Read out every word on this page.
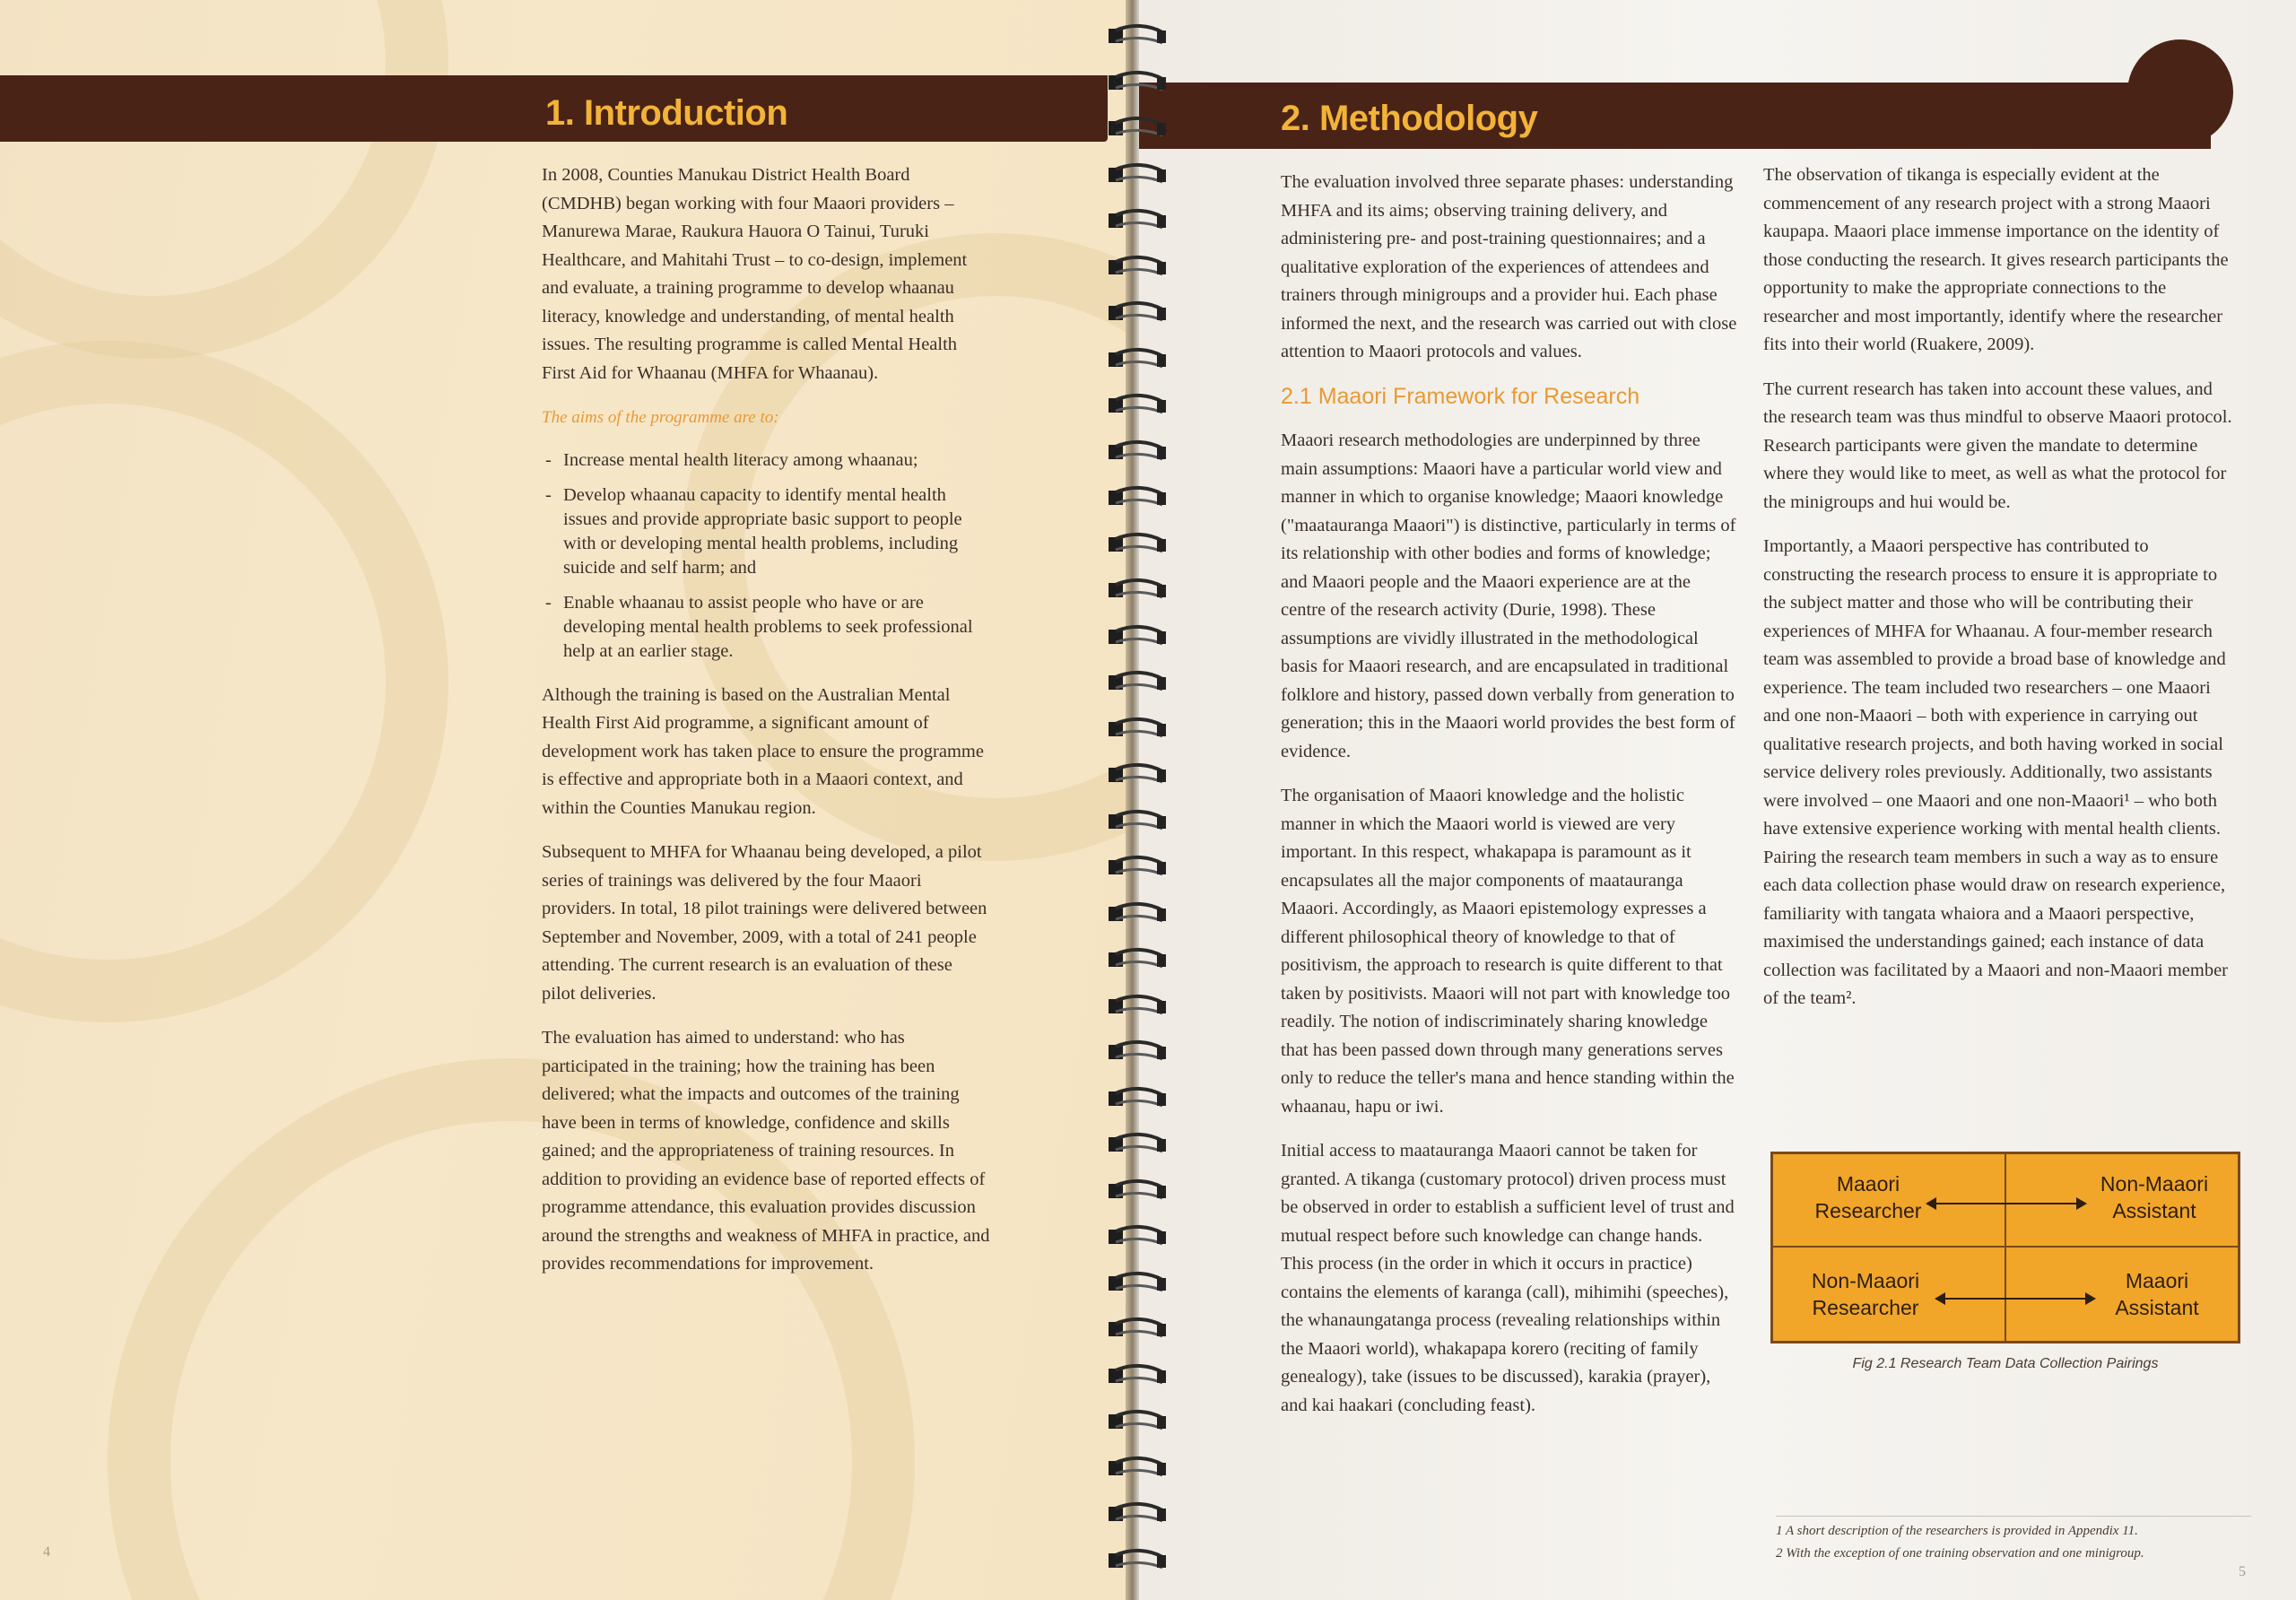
1. Introduction

In 2008, Counties Manukau District Health Board (CMDHB) began working with four Maaori providers – Manurewa Marae, Raukura Hauora O Tainui, Turuki Healthcare, and Mahitahi Trust – to co-design, implement and evaluate, a training programme to develop whaanau literacy, knowledge and understanding, of mental health issues. The resulting programme is called Mental Health First Aid for Whaanau (MHFA for Whaanau).

The aims of the programme are to:

- Increase mental health literacy among whaanau;
- Develop whaanau capacity to identify mental health issues and provide appropriate basic support to people with or developing mental health problems, including suicide and self harm; and
- Enable whaanau to assist people who have or are developing mental health problems to seek professional help at an earlier stage.

Although the training is based on the Australian Mental Health First Aid programme, a significant amount of development work has taken place to ensure the programme is effective and appropriate both in a Maaori context, and within the Counties Manukau region.

Subsequent to MHFA for Whaanau being developed, a pilot series of trainings was delivered by the four Maaori providers. In total, 18 pilot trainings were delivered between September and November, 2009, with a total of 241 people attending. The current research is an evaluation of these pilot deliveries.

The evaluation has aimed to understand: who has participated in the training; how the training has been delivered; what the impacts and outcomes of the training have been in terms of knowledge, confidence and skills gained; and the appropriateness of training resources. In addition to providing an evidence base of reported effects of programme attendance, this evaluation provides discussion around the strengths and weakness of MHFA in practice, and provides recommendations for improvement.

4
2. Methodology

The evaluation involved three separate phases: understanding MHFA and its aims; observing training delivery, and administering pre- and post-training questionnaires; and a qualitative exploration of the experiences of attendees and trainers through minigroups and a provider hui. Each phase informed the next, and the research was carried out with close attention to Maaori protocols and values.

2.1 Maaori Framework for Research

Maaori research methodologies are underpinned by three main assumptions: Maaori have a particular world view and manner in which to organise knowledge; Maaori knowledge ("maatauranga Maaori") is distinctive, particularly in terms of its relationship with other bodies and forms of knowledge; and Maaori people and the Maaori experience are at the centre of the research activity (Durie, 1998). These assumptions are vividly illustrated in the methodological basis for Maaori research, and are encapsulated in traditional folklore and history, passed down verbally from generation to generation; this in the Maaori world provides the best form of evidence.

The organisation of Maaori knowledge and the holistic manner in which the Maaori world is viewed are very important. In this respect, whakapapa is paramount as it encapsulates all the major components of maatauranga Maaori. Accordingly, as Maaori epistemology expresses a different philosophical theory of knowledge to that of positivism, the approach to research is quite different to that taken by positivists. Maaori will not part with knowledge too readily. The notion of indiscriminately sharing knowledge that has been passed down through many generations serves only to reduce the teller's mana and hence standing within the whaanau, hapu or iwi.

Initial access to maatauranga Maaori cannot be taken for granted. A tikanga (customary protocol) driven process must be observed in order to establish a sufficient level of trust and mutual respect before such knowledge can change hands. This process (in the order in which it occurs in practice) contains the elements of karanga (call), mihimihi (speeches), the whanaungatanga process (revealing relationships within the Maaori world), whakapapa korero (reciting of family genealogy), take (issues to be discussed), karakia (prayer), and kai haakari (concluding feast).

The observation of tikanga is especially evident at the commencement of any research project with a strong Maaori kaupapa. Maaori place immense importance on the identity of those conducting the research. It gives research participants the opportunity to make the appropriate connections to the researcher and most importantly, identify where the researcher fits into their world (Ruakere, 2009).

The current research has taken into account these values, and the research team was thus mindful to observe Maaori protocol. Research participants were given the mandate to determine where they would like to meet, as well as what the protocol for the minigroups and hui would be.

Importantly, a Maaori perspective has contributed to constructing the research process to ensure it is appropriate to the subject matter and those who will be contributing their experiences of MHFA for Whaanau. A four-member research team was assembled to provide a broad base of knowledge and experience. The team included two researchers – one Maaori and one non-Maaori – both with experience in carrying out qualitative research projects, and both having worked in social service delivery roles previously. Additionally, two assistants were involved – one Maaori and one non-Maaori¹ – who both have extensive experience working with mental health clients. Pairing the research team members in such a way as to ensure each data collection phase would draw on research experience, familiarity with tangata whaiora and a Maaori perspective, maximised the understandings gained; each instance of data collection was facilitated by a Maaori and non-Maaori member of the team².

Maaori Researcher
Non-Maaori Assistant
Non-Maaori Researcher
Maaori Assistant
Fig 2.1 Research Team Data Collection Pairings
1 A short description of the researchers is provided in Appendix 11.
2 With the exception of one training observation and one minigroup.
5
